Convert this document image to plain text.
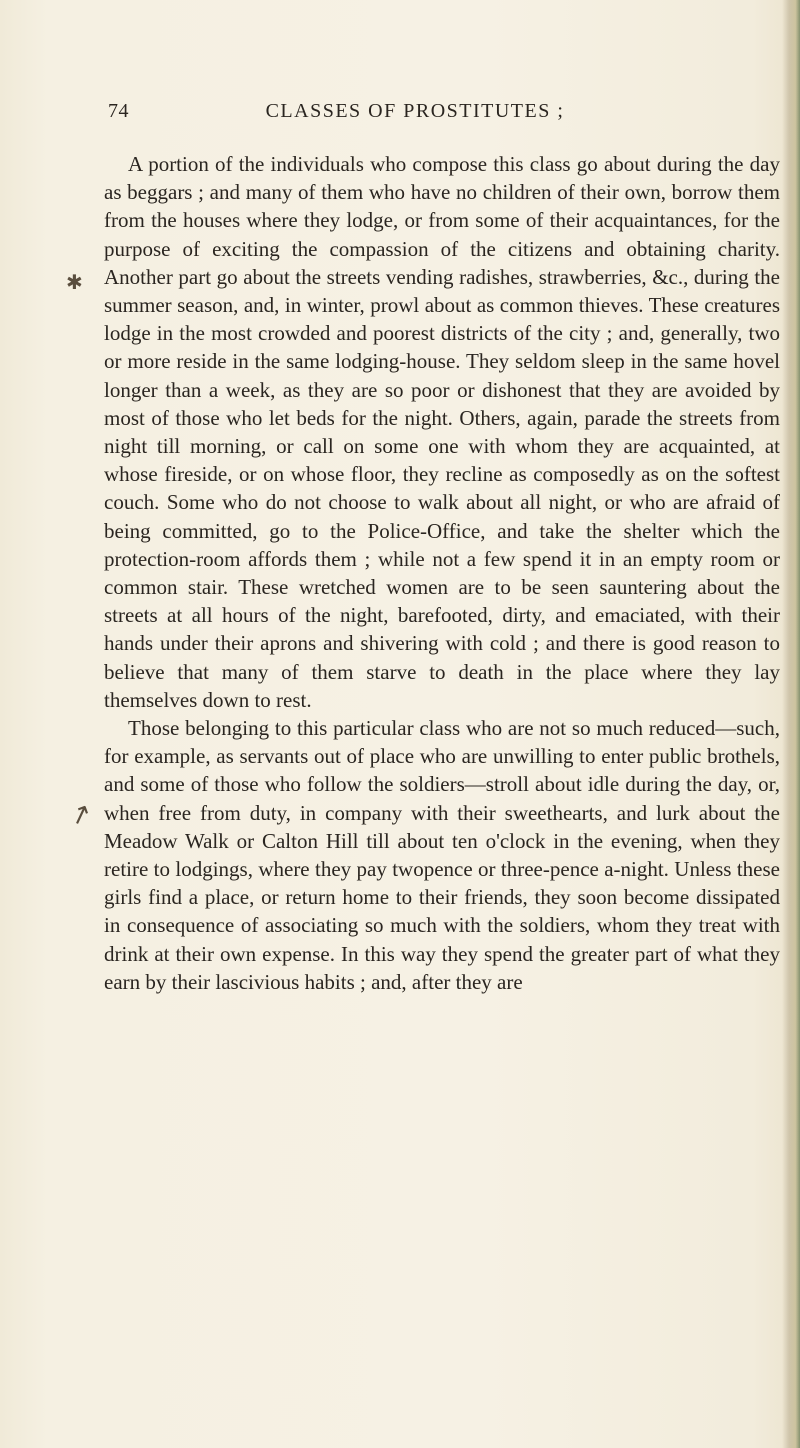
74	CLASSES OF PROSTITUTES ;
✱
↗

A portion of the individuals who compose this class go about during the day as beggars ; and many of them who have no children of their own, borrow them from the houses where they lodge, or from some of their acquaintances, for the purpose of exciting the compassion of the citizens and obtaining charity. Another part go about the streets vending radishes, strawberries, &c., during the summer season, and, in winter, prowl about as common thieves. These creatures lodge in the most crowded and poorest districts of the city ; and, generally, two or more reside in the same lodging-house. They seldom sleep in the same hovel longer than a week, as they are so poor or dishonest that they are avoided by most of those who let beds for the night. Others, again, parade the streets from night till morning, or call on some one with whom they are acquainted, at whose fireside, or on whose floor, they recline as composedly as on the softest couch. Some who do not choose to walk about all night, or who are afraid of being committed, go to the Police-Office, and take the shelter which the protection-room affords them ; while not a few spend it in an empty room or common stair. These wretched women are to be seen sauntering about the streets at all hours of the night, barefooted, dirty, and emaciated, with their hands under their aprons and shivering with cold ; and there is good reason to believe that many of them starve to death in the place where they lay themselves down to rest.

Those belonging to this particular class who are not so much reduced—such, for example, as servants out of place who are unwilling to enter public brothels, and some of those who follow the soldiers—stroll about idle during the day, or, when free from duty, in company with their sweethearts, and lurk about the Meadow Walk or Calton Hill till about ten o'clock in the evening, when they retire to lodgings, where they pay twopence or three-pence a-night. Unless these girls find a place, or return home to their friends, they soon become dissipated in consequence of associating so much with the soldiers, whom they treat with drink at their own expense. In this way they spend the greater part of what they earn by their lascivious habits ; and, after they are
